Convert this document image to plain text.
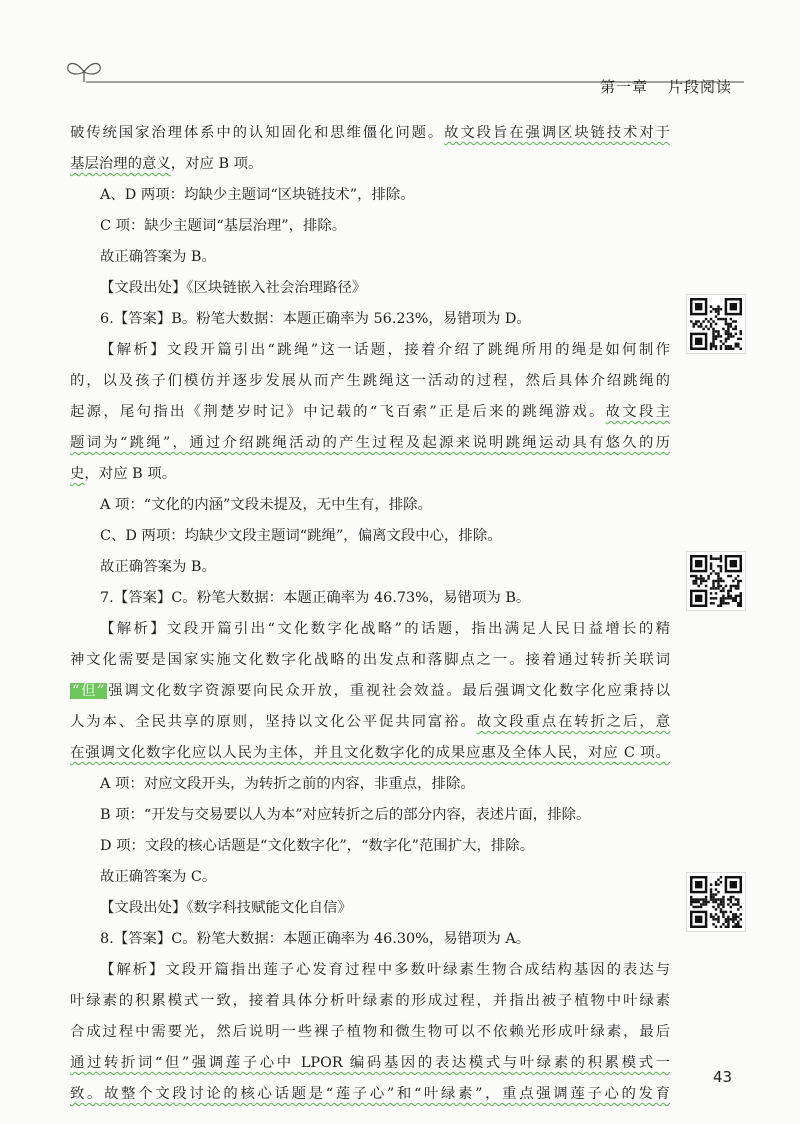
第一章 片段阅读

破传统国家治理体系中的认知固化和思维僵化问题。故文段旨在强调区块链技术对于

基层治理的意义，对应 B 项。

A、D 两项：均缺少主题词“区块链技术”，排除。

C 项：缺少主题词“基层治理”，排除。

故正确答案为 B。

【文段出处】《区块链嵌入社会治理路径》

6.【答案】B。粉笔大数据：本题正确率为 56.23%，易错项为 D。

【解析】文段开篇引出“跳绳”这一话题，接着介绍了跳绳所用的绳是如何制作

的，以及孩子们模仿并逐步发展从而产生跳绳这一活动的过程，然后具体介绍跳绳的

起源，尾句指出《荆楚岁时记》中记载的“飞百索”正是后来的跳绳游戏。故文段主

题词为“跳绳”，通过介绍跳绳活动的产生过程及起源来说明跳绳运动具有悠久的历

史，对应 B 项。

A 项：“文化的内涵”文段未提及，无中生有，排除。

C、D 两项：均缺少文段主题词“跳绳”，偏离文段中心，排除。

故正确答案为 B。

7.【答案】C。粉笔大数据：本题正确率为 46.73%，易错项为 B。

【解析】文段开篇引出“文化数字化战略”的话题，指出满足人民日益增长的精

神文化需要是国家实施文化数字化战略的出发点和落脚点之一。接着通过转折关联词

“但” 强调文化数字资源要向民众开放，重视社会效益。最后强调文化数字化应秉持以

人为本、全民共享的原则，坚持以文化公平促共同富裕。故文段重点在转折之后，意

在强调文化数字化应以人民为主体，并且文化数字化的成果应惠及全体人民，对应 C 项。

A 项：对应文段开头，为转折之前的内容，非重点，排除。

B 项：“开发与交易要以人为本”对应转折之后的部分内容，表述片面，排除。

D 项：文段的核心话题是“文化数字化”，“数字化”范围扩大，排除。

故正确答案为 C。

【文段出处】《数字科技赋能文化自信》

8.【答案】C。粉笔大数据：本题正确率为 46.30%，易错项为 A。

【解析】文段开篇指出莲子心发育过程中多数叶绿素生物合成结构基因的表达与

叶绿素的积累模式一致，接着具体分析叶绿素的形成过程，并指出被子植物中叶绿素

合成过程中需要光，然后说明一些裸子植物和微生物可以不依赖光形成叶绿素，最后

通过转折词“但”强调莲子心中 LPOR 编码基因的表达模式与叶绿素的积累模式一

致。故整个文段讨论的核心话题是“莲子心”和“叶绿素”，重点强调莲子心的发育

43
